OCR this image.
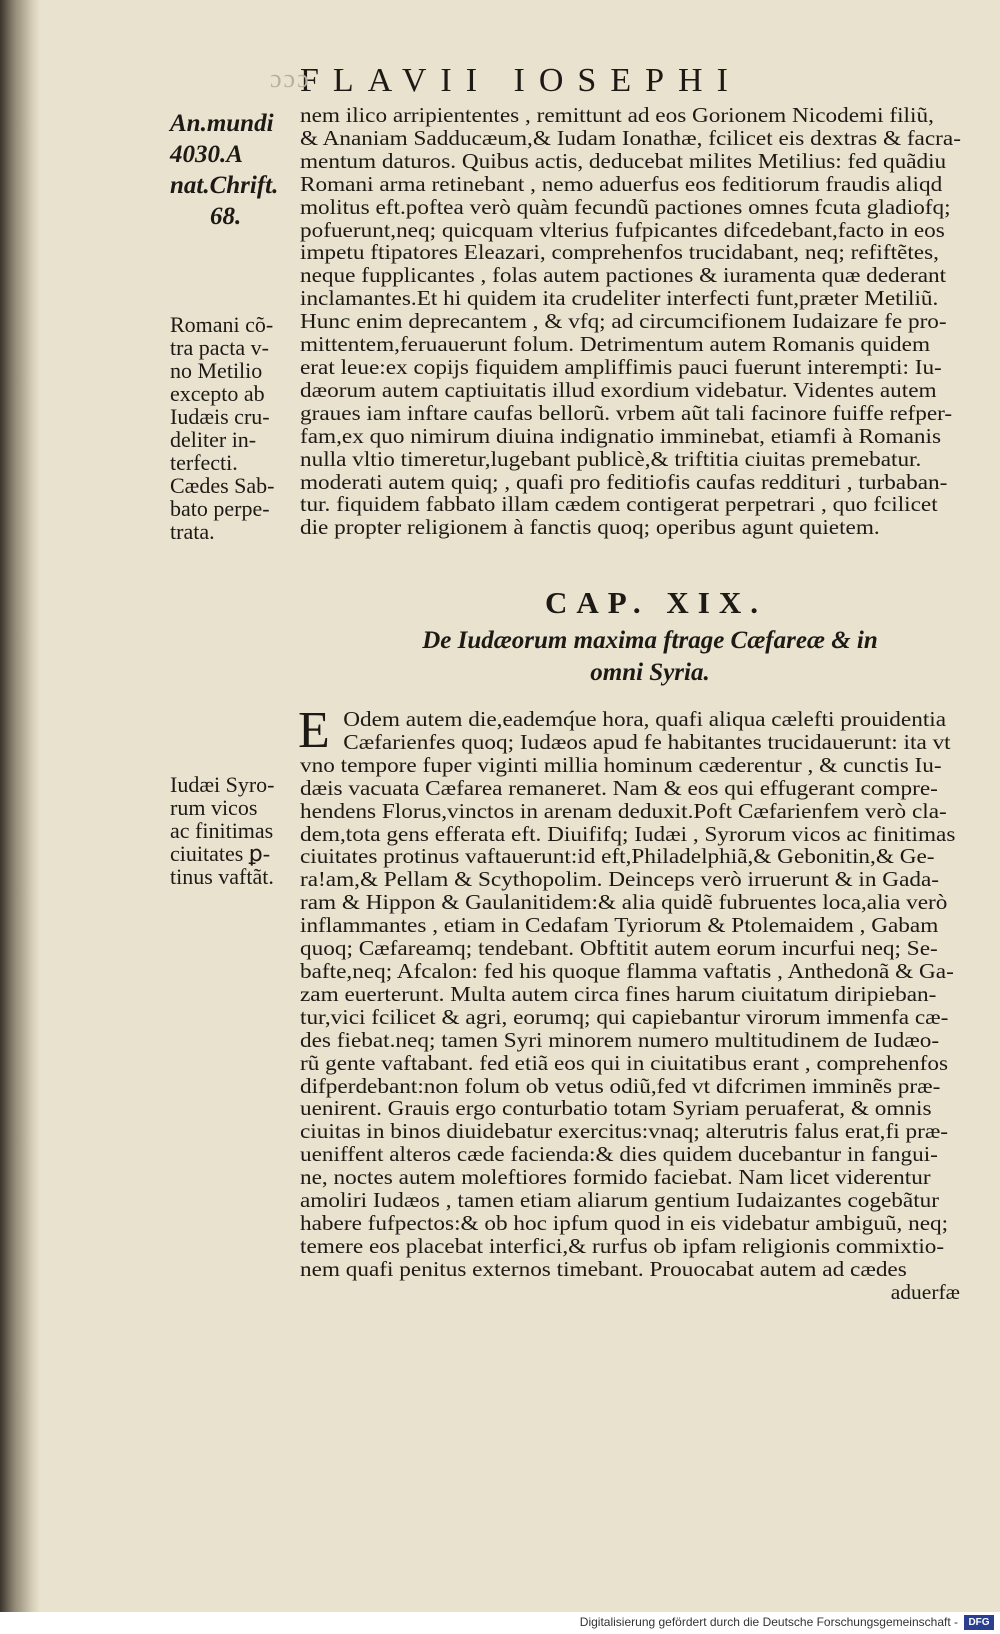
ɔɔɔ
FLAVII IOSEPHI
An.mundi
4030.A
nat.Chrift.
68.
Romani cõ-
tra pacta v-
no Metilio
excepto ab
Iudæis cru-
deliter in-
terfecti.
Cædes Sab-
bato perpe-
trata.
Iudæi Syro-
rum vicos
ac finitimas
ciuitates ꝑ-
tinus vaftãt.
nem ilico arripiententes , remittunt ad eos Gorionem Nicodemi filiũ,
& Ananiam Sadducæum,& Iudam Ionathæ, fcilicet eis dextras & facra-
mentum daturos. Quibus actis, deducebat milites Metilius: fed quãdiu
Romani arma retinebant , nemo aduerfus eos feditiorum fraudis aliqd
molitus eft.poftea verò quàm fecundũ pactiones omnes fcuta gladiofq;
pofuerunt,neq; quicquam vlterius fufpicantes difcedebant,facto in eos
impetu ftipatores Eleazari, comprehenfos trucidabant, neq; refiftẽtes,
neque fupplicantes , folas autem pactiones & iuramenta quæ dederant
inclamantes.Et hi quidem ita crudeliter interfecti funt,præter Metiliũ.
Hunc enim deprecantem , & vfq; ad circumcifionem Iudaizare fe pro-
mittentem,feruauerunt folum. Detrimentum autem Romanis quidem
erat leue:ex copijs fiquidem ampliffimis pauci fuerunt interempti: Iu-
dæorum autem captiuitatis illud exordium videbatur. Videntes autem
graues iam inftare caufas bellorũ. vrbem aũt tali facinore fuiffe refper-
fam,ex quo nimirum diuina indignatio imminebat, etiamfi à Romanis
nulla vltio timeretur,lugebant publicè,& triftitia ciuitas premebatur.
moderati autem quiq; , quafi pro feditiofis caufas reddituri , turbaban-
tur. fiquidem fabbato illam cædem contigerat perpetrari , quo fcilicet
die propter religionem à fanctis quoq; operibus agunt quietem.
CAP. XIX.
De Iudæorum maxima ftrage Cæfareæ & in
omni Syria.
E Odem autem die,eademq́ue hora, quafi aliqua cælefti prouidentia
Cæfarienfes quoq; Iudæos apud fe habitantes trucidauerunt: ita vt
vno tempore fuper viginti millia hominum cæderentur , & cunctis Iu-
dæis vacuata Cæfarea remaneret. Nam & eos qui effugerant compre-
hendens Florus,vinctos in arenam deduxit.Poft Cæfarienfem verò cla-
dem,tota gens efferata eft. Diuififq; Iudæi , Syrorum vicos ac finitimas
ciuitates protinus vaftauerunt:id eft,Philadelphiã,& Gebonitin,& Ge-
ra!am,& Pellam & Scythopolim. Deinceps verò irruerunt & in Gada-
ram & Hippon & Gaulanitidem:& alia quidẽ fubruentes loca,alia verò
inflammantes , etiam in Cedafam Tyriorum & Ptolemaidem , Gabam
quoq; Cæfareamq; tendebant. Obftitit autem eorum incurfui neq; Se-
bafte,neq; Afcalon: fed his quoque flamma vaftatis , Anthedonã & Ga-
zam euerterunt. Multa autem circa fines harum ciuitatum diripieban-
tur,vici fcilicet & agri, eorumq; qui capiebantur virorum immenfa cæ-
des fiebat.neq; tamen Syri minorem numero multitudinem de Iudæo-
rũ gente vaftabant. fed etiã eos qui in ciuitatibus erant , comprehenfos
difperdebant:non folum ob vetus odiũ,fed vt difcrimen imminẽs præ-
uenirent. Grauis ergo conturbatio totam Syriam peruaferat, & omnis
ciuitas in binos diuidebatur exercitus:vnaq; alterutris falus erat,fi præ-
ueniffent alteros cæde facienda:& dies quidem ducebantur in fangui-
ne, noctes autem moleftiores formido faciebat. Nam licet viderentur
amoliri Iudæos , tamen etiam aliarum gentium Iudaizantes cogebãtur
habere fufpectos:& ob hoc ipfum quod in eis videbatur ambiguũ, neq;
temere eos placebat interfici,& rurfus ob ipfam religionis commixtio-
nem quafi penitus externos timebant. Prouocabat autem ad cædes
aduerfæ
Digitalisierung gefördert durch die Deutsche Forschungsgemeinschaft -	DFG
